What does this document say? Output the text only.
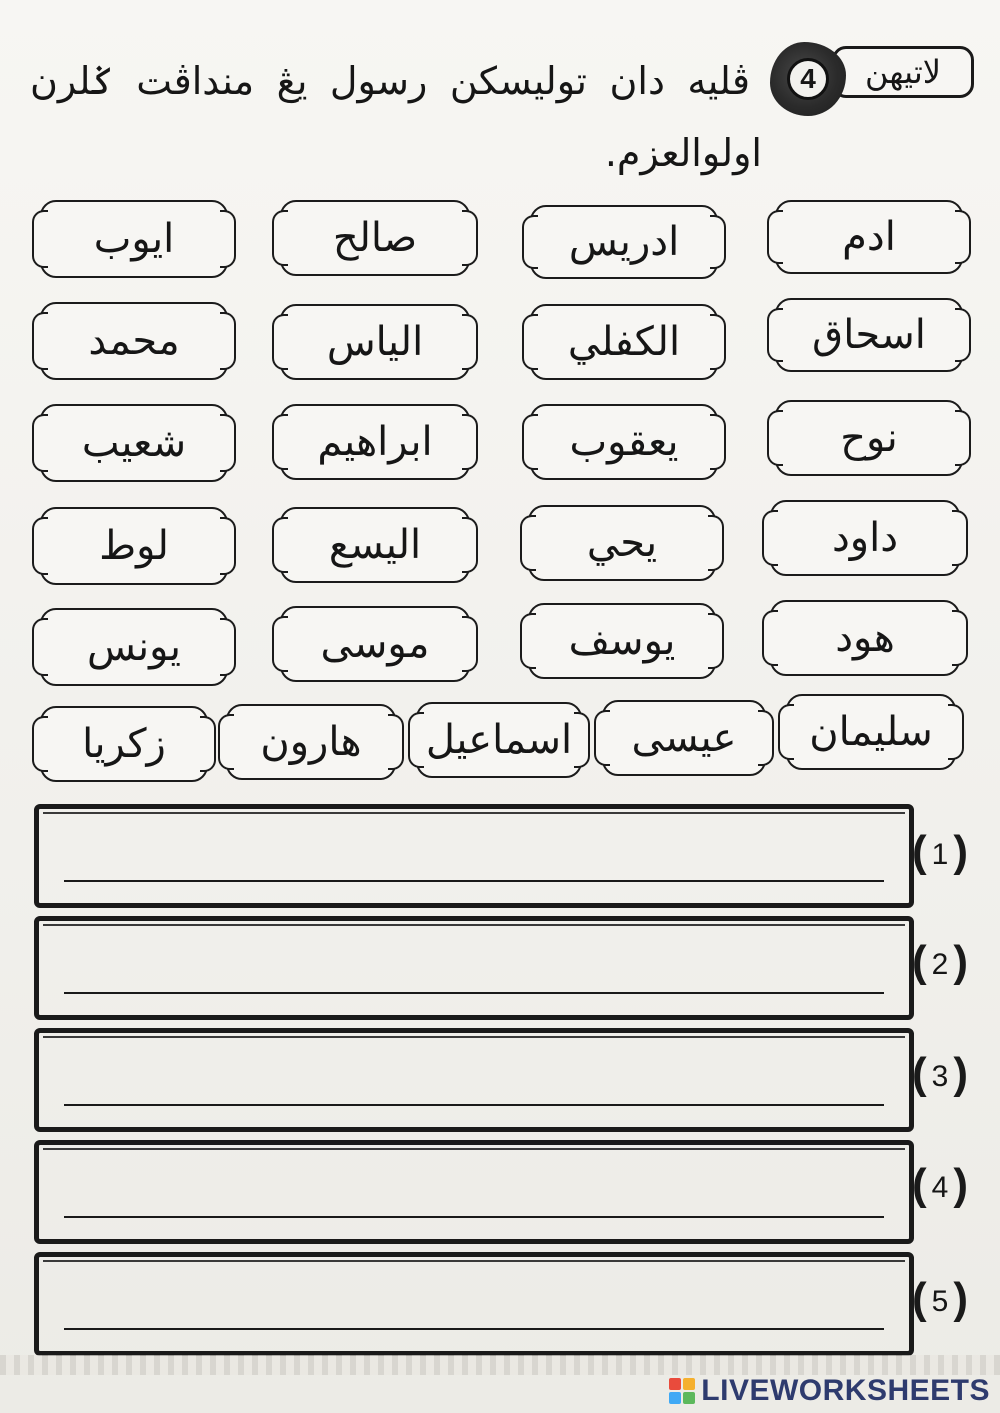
لاتيهن
4

ڤليه دان توليسكن رسول يڠ منداڤت ݢلرن

اولوالعزم.

ادم
ادريس
صالح
ايوب
اسحاق
الكفلي
الياس
محمد
نوح
يعقوب
ابراهيم
شعيب
داود
يحي
اليسع
لوط
هود
يوسف
موسى
يونس
سليمان
عيسى
اسماعيل
هارون
زكريا
( 1 )
( 2 )
( 3 )
( 4 )
( 5 )
LIVEWORKSHEETS
